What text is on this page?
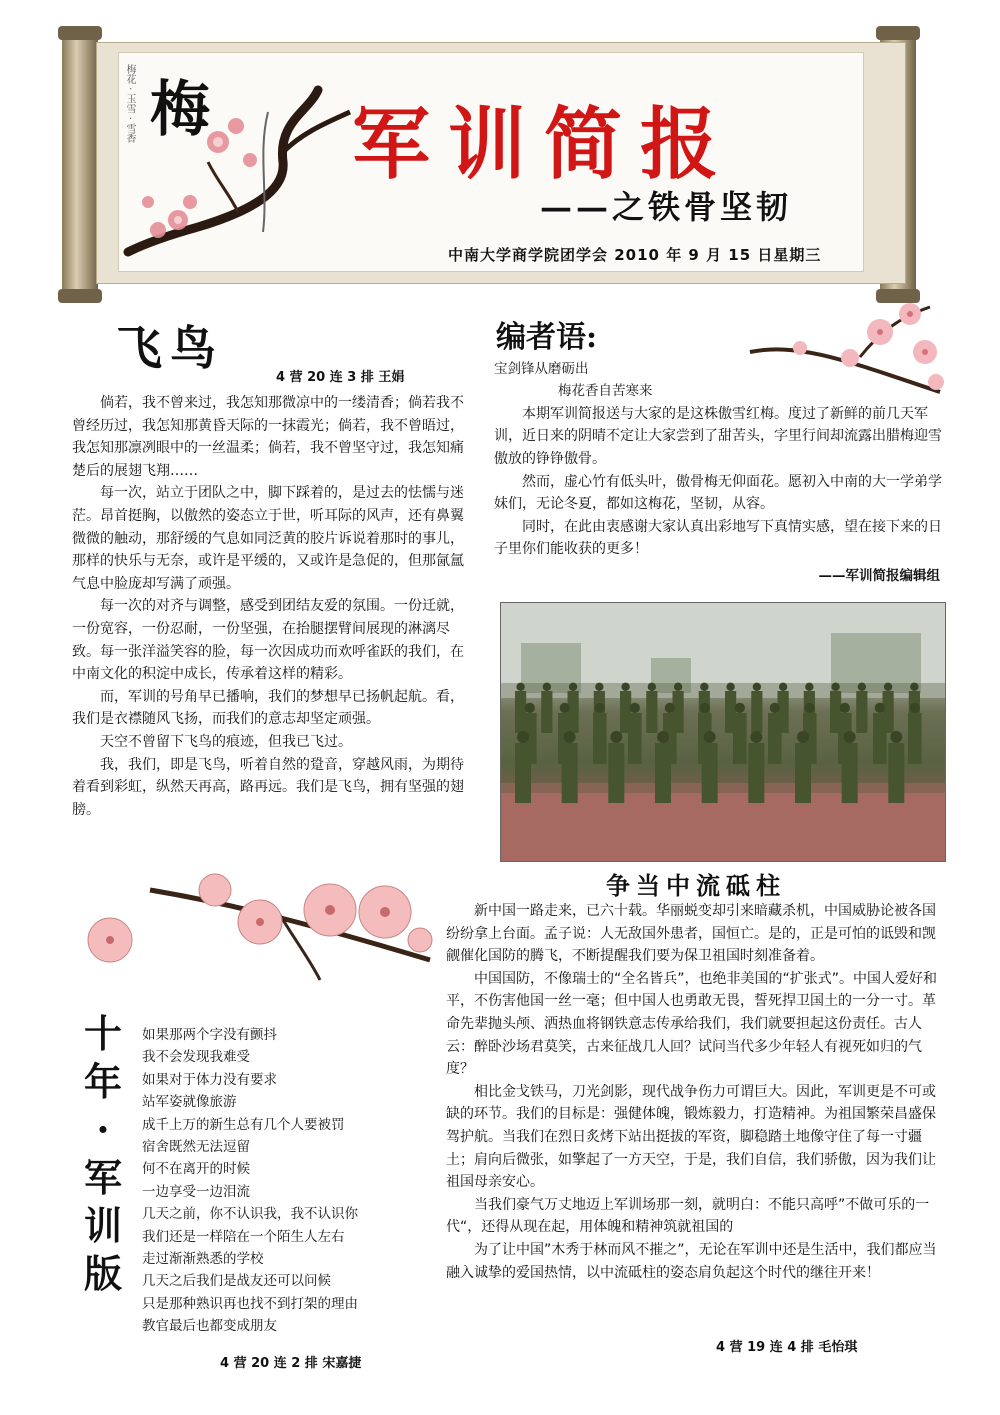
梅花 · 玉雪 · 雪香 梅 军训简报
——之铁骨坚韧
中南大学商学院团学会 2010 年 9 月 15 日星期三
飞鸟
4 营 20 连 3 排 王娟

倘若，我不曾来过，我怎知那微凉中的一缕清香；倘若我不曾经历过，我怎知那黄昏天际的一抹霞光；倘若，我不曾晤过，我怎知那凛冽眼中的一丝温柔；倘若，我不曾坚守过，我怎知痛楚后的展翅飞翔……

每一次，站立于团队之中，脚下踩着的，是过去的怯懦与迷茫。昂首挺胸，以傲然的姿态立于世，听耳际的风声，还有鼻翼微微的触动，那舒缓的气息如同泛黄的胶片诉说着那时的事儿，那样的快乐与无奈，或许是平缓的，又或许是急促的，但那氤氲气息中脸庞却写满了顽强。

每一次的对齐与调整，感受到团结友爱的氛围。一份迁就，一份宽容，一份忍耐，一份坚强，在抬腿摆臂间展现的淋漓尽致。每一张洋溢笑容的脸，每一次因成功而欢呼雀跃的我们，在中南文化的积淀中成长，传承着这样的精彩。

而，军训的号角早已播响，我们的梦想早已扬帆起航。看，我们是衣襟随风飞扬，而我们的意志却坚定顽强。

天空不曾留下飞鸟的痕迹，但我已飞过。

我，我们，即是飞鸟，听着自然的跫音，穿越风雨，为期待着看到彩虹，纵然天再高，路再远。我们是飞鸟，拥有坚强的翅膀。

编者语:

宝剑锋从磨砺出

梅花香自苦寒来

本期军训简报送与大家的是这株傲雪红梅。度过了新鲜的前几天军训，近日来的阴晴不定让大家尝到了甜苦头，字里行间却流露出腊梅迎雪傲放的铮铮傲骨。

然而，虚心竹有低头叶，傲骨梅无仰面花。愿初入中南的大一学弟学妹们，无论冬夏，都如这梅花，坚韧，从容。

同时，在此由衷感谢大家认真出彩地写下真情实感，望在接下来的日子里你们能收获的更多！

——军训简报编辑组

争当中流砥柱

新中国一路走来，已六十载。华丽蜕变却引来暗藏杀机，中国威胁论被各国纷纷拿上台面。孟子说：人无敌国外患者，国恒亡。是的，正是可怕的诋毁和觊觎催化国防的腾飞，不断提醒我们要为保卫祖国时刻准备着。

中国国防，不像瑞士的“全名皆兵”，也绝非美国的“扩张式”。中国人爱好和平，不伤害他国一丝一毫；但中国人也勇敢无畏，誓死捍卫国土的一分一寸。革命先辈抛头颅、洒热血将钢铁意志传承给我们，我们就要担起这份责任。古人云：醉卧沙场君莫笑，古来征战几人回？试问当代多少年轻人有视死如归的气度？

相比金戈铁马，刀光剑影，现代战争伤力可谓巨大。因此，军训更是不可或缺的环节。我们的目标是：强健体魄，锻炼毅力，打造精神。为祖国繁荣昌盛保驾护航。当我们在烈日炙烤下站出挺拔的军资，脚稳踏土地像守住了每一寸疆土；肩向后微张，如擎起了一方天空，于是，我们自信，我们骄傲，因为我们让祖国母亲安心。

当我们豪气万丈地迈上军训场那一刻，就明白：不能只高呼”不做可乐的一代“，还得从现在起，用体魄和精神筑就祖国的

为了让中国”木秀于林而风不摧之”，无论在军训中还是生活中，我们都应当融入诚挚的爱国热情，以中流砥柱的姿态肩负起这个时代的继往开来！

4 营 19 连 4 排 毛怡琪
十
年
·
军
训
版

如果那两个字没有颤抖

我不会发现我难受

如果对于体力没有要求

站军姿就像旅游

成千上万的新生总有几个人要被罚

宿舍既然无法逗留

何不在离开的时候

一边享受一边泪流

几天之前，你不认识我，我不认识你

我们还是一样陪在一个陌生人左右

走过渐渐熟悉的学校

几天之后我们是战友还可以问候

只是那种熟识再也找不到打架的理由

教官最后也都变成朋友

4 营 20 连 2 排 宋嘉捷
